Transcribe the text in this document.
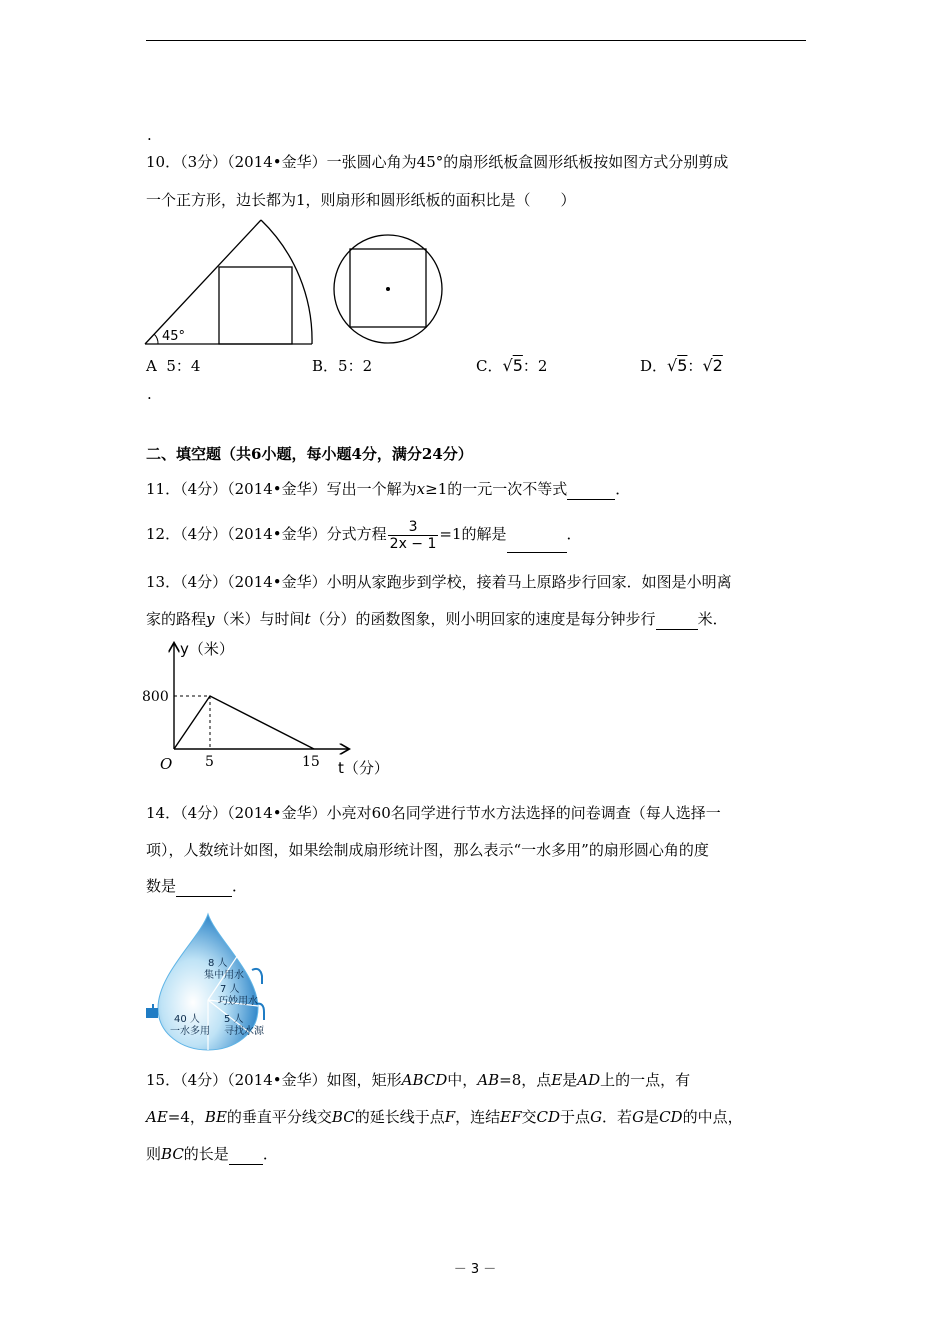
.
10．（3分）（2014•金华）一张圆心角为45°的扇形纸板盒圆形纸板按如图方式分别剪成
一个正方形，边长都为1，则扇形和圆形纸板的面积比是（　　）
45°
A 5：4	B．5：2	C．√5：2	D．√5：√2
.
二、填空题（共6小题，每小题4分，满分24分）
11．（4分）（2014•金华）写出一个解为x≥1的一元一次不等式	．
12．（4分）（2014•金华）分式方程 $\frac{3}{2x - 1} =1$的解是	．
13．（4分）（2014•金华）小明从家跑步到学校，接着马上原路步行回家．如图是小明离
家的路程y（米）与时间t（分）的函数图象，则小明回家的速度是每分钟步行	米．
y（米）
t（分）
O
800
5	15
14．（4分）（2014•金华）小亮对60名同学进行节水方法选择的问卷调查（每人选择一
项），人数统计如图，如果绘制成扇形统计图，那么表示“一水多用”的扇形圆心角的度
数是	．
8 人
集中用水
7 人
巧妙用水
40 人
一水多用
5 人
寻找水源
15．（4分）（2014•金华）如图，矩形ABCD中，AB=8，点E是AD上的一点，有
AE=4，BE的垂直平分线交BC的延长线于点F，连结EF交CD于点G．若G是CD的中点，
则BC的长是 ．
－ 3 －
